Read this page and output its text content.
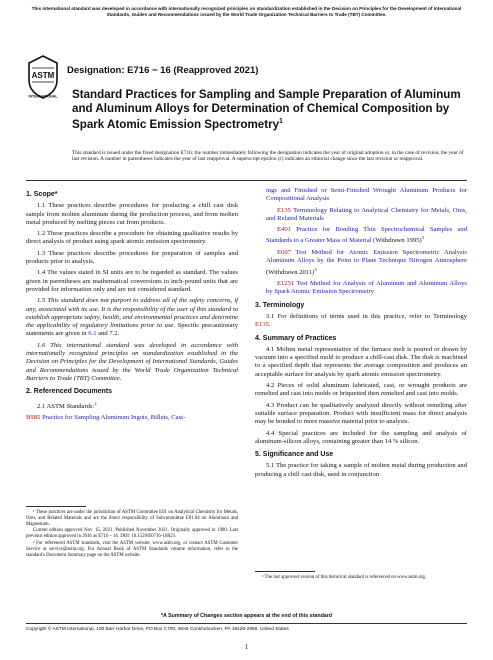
This international standard was developed in accordance with internationally recognized principles on standardization established in the Decision on Principles for the Development of International Standards, Guides and Recommendations issued by the World Trade Organization Technical Barriers to Trade (TBT) Committee.
ASTM
INTERNATIONAL
Designation: E716 − 16 (Reapproved 2021)
Standard Practices for Sampling and Sample Preparation of Aluminum and Aluminum Alloys for Determination of Chemical Composition by Spark Atomic Emission Spectrometry$^1$
This standard is issued under the fixed designation E716; the number immediately following the designation indicates the year of original adoption or, in the case of revision, the year of last revision. A number in parentheses indicates the year of last reapproval. A superscript epsilon (ε) indicates an editorial change since the last revision or reapproval.
1. Scope*

1.1 These practices describe procedures for producing a chill cast disk sample from molten aluminum during the production process, and from molten metal produced by melting pieces cut from products.

1.2 These practices describe a procedure for obtaining qualitative results by direct analysis of product using spark atomic emission spectrometry.

1.3 These practices describe procedures for preparation of samples and products prior to analysis.

1.4 The values stated in SI units are to be regarded as standard. The values given in parentheses are mathematical conversions to inch-pound units that are provided for information only and are not considered standard.

1.5 This standard does not purport to address all of the safety concerns, if any, associated with its use. It is the responsibility of the user of this standard to establish appropriate safety, health, and environmental practices and determine the applicability of regulatory limitations prior to use. Specific precautionary statements are given in 6.1 and 7.2.

1.6 This international standard was developed in accordance with internationally recognized principles on standardization established in the Decision on Principles for the Development of International Standards, Guides and Recommendations issued by the World Trade Organization Technical Barriers to Trade (TBT) Committee.

2. Referenced Documents

2.1 ASTM Standards:$^2$

B985 Practice for Sampling Aluminum Ingots, Billets, Cast-

¹ These practices are under the jurisdiction of ASTM Committee E01 on Analytical Chemistry for Metals, Ores, and Related Materials and are the direct responsibility of Subcommittee E01.04 on Aluminum and Magnesium.

Current edition approved Nov. 15, 2021. Published November 2021. Originally approved in 1980. Last previous edition approved in 2016 as E716 – 16. DOI: 10.1520/E0716-16R21.

² For referenced ASTM standards, visit the ASTM website, www.astm.org, or contact ASTM Customer Service at service@astm.org. For Annual Book of ASTM Standards volume information, refer to the standard's Document Summary page on the ASTM website.

ings and Finished or Semi-Finished Wrought Aluminum Products for Compositional Analysis

E135 Terminology Relating to Analytical Chemistry for Metals, Ores, and Related Materials

E401 Practice for Bonding Thin Spectrochemical Samples and Standards to a Greater Mass of Material (Withdrawn 1995)$^3$

E607 Test Method for Atomic Emission Spectrometric Analysis Aluminum Alloys by the Point to Plane Technique Nitrogen Atmosphere (Withdrawn 2011)$^3$

E1251 Test Method for Analysis of Aluminum and Aluminum Alloys by Spark Atomic Emission Spectrometry

3. Terminology

3.1 For definitions of terms used in this practice, refer to Terminology E135.

4. Summary of Practices

4.1 Molten metal representative of the furnace melt is poured or drawn by vacuum into a specified mold to produce a chill-cast disk. The disk is machined to a specified depth that represents the average composition and produces an acceptable surface for analysis by spark atomic emission spectrometry.

4.2 Pieces of solid aluminum fabricated, cast, or wrought products are remelted and cast into molds or briquetted then remelted and cast into molds.

4.3 Product can be qualitatively analyzed directly without remelting after suitable surface preparation. Product with insufficient mass for direct analysis may be bonded to more massive material prior to analysis.

4.4 Special practices are included for the sampling and analysis of aluminum-silicon alloys, containing greater than 14 % silicon.

5. Significance and Use

5.1 The practice for taking a sample of molten metal during production and producing a chill cast disk, used in conjunction

³ The last approved version of this historical standard is referenced on www.astm.org.

*A Summary of Changes section appears at the end of this standard
Copyright © ASTM International, 100 Barr Harbor Drive, PO Box C700, West Conshohocken, PA 19428-2959. United States
1
